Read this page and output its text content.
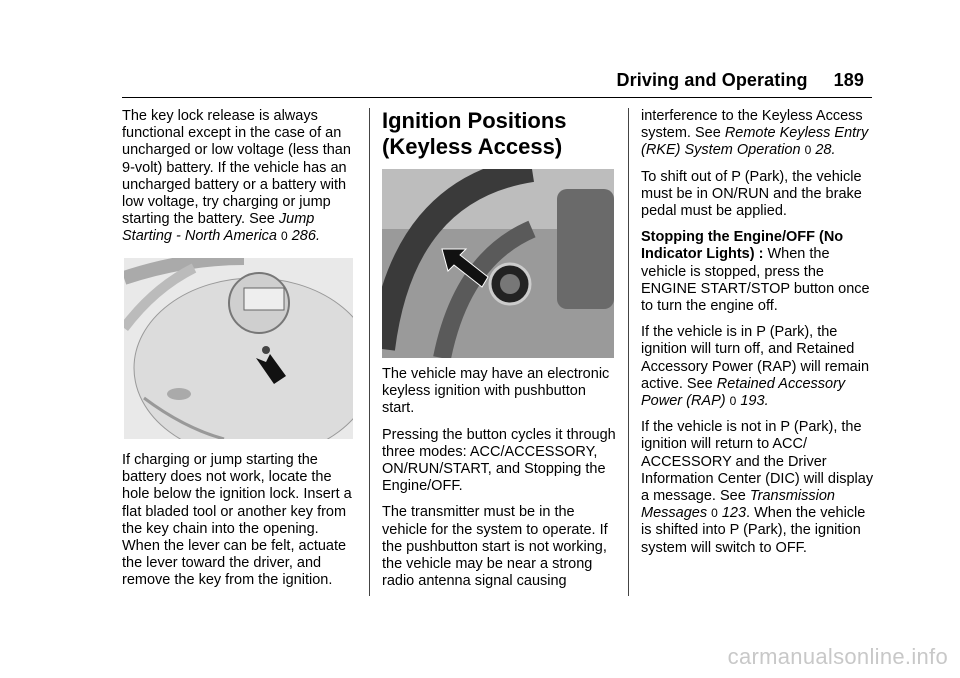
Driving and Operating 189

The key lock release is always functional except in the case of an uncharged or low voltage (less than 9-volt) battery. If the vehicle has an uncharged battery or a battery with low voltage, try charging or jump starting the battery. See Jump Starting - North America 0 286.

If charging or jump starting the battery does not work, locate the hole below the ignition lock. Insert a flat bladed tool or another key from the key chain into the opening. When the lever can be felt, actuate the lever toward the driver, and remove the key from the ignition.

Ignition Positions (Keyless Access)

The vehicle may have an electronic keyless ignition with pushbutton start.

Pressing the button cycles it through three modes: ACC/ACCESSORY, ON/RUN/START, and Stopping the Engine/OFF.

The transmitter must be in the vehicle for the system to operate. If the pushbutton start is not working, the vehicle may be near a strong radio antenna signal causing

interference to the Keyless Access system. See Remote Keyless Entry (RKE) System Operation 0 28.

To shift out of P (Park), the vehicle must be in ON/RUN and the brake pedal must be applied.

Stopping the Engine/OFF (No Indicator Lights) : When the vehicle is stopped, press the ENGINE START/STOP button once to turn the engine off.

If the vehicle is in P (Park), the ignition will turn off, and Retained Accessory Power (RAP) will remain active. See Retained Accessory Power (RAP) 0 193.

If the vehicle is not in P (Park), the ignition will return to ACC/ ACCESSORY and the Driver Information Center (DIC) will display a message. See Transmission Messages 0 123. When the vehicle is shifted into P (Park), the ignition system will switch to OFF.

carmanualsonline.info
